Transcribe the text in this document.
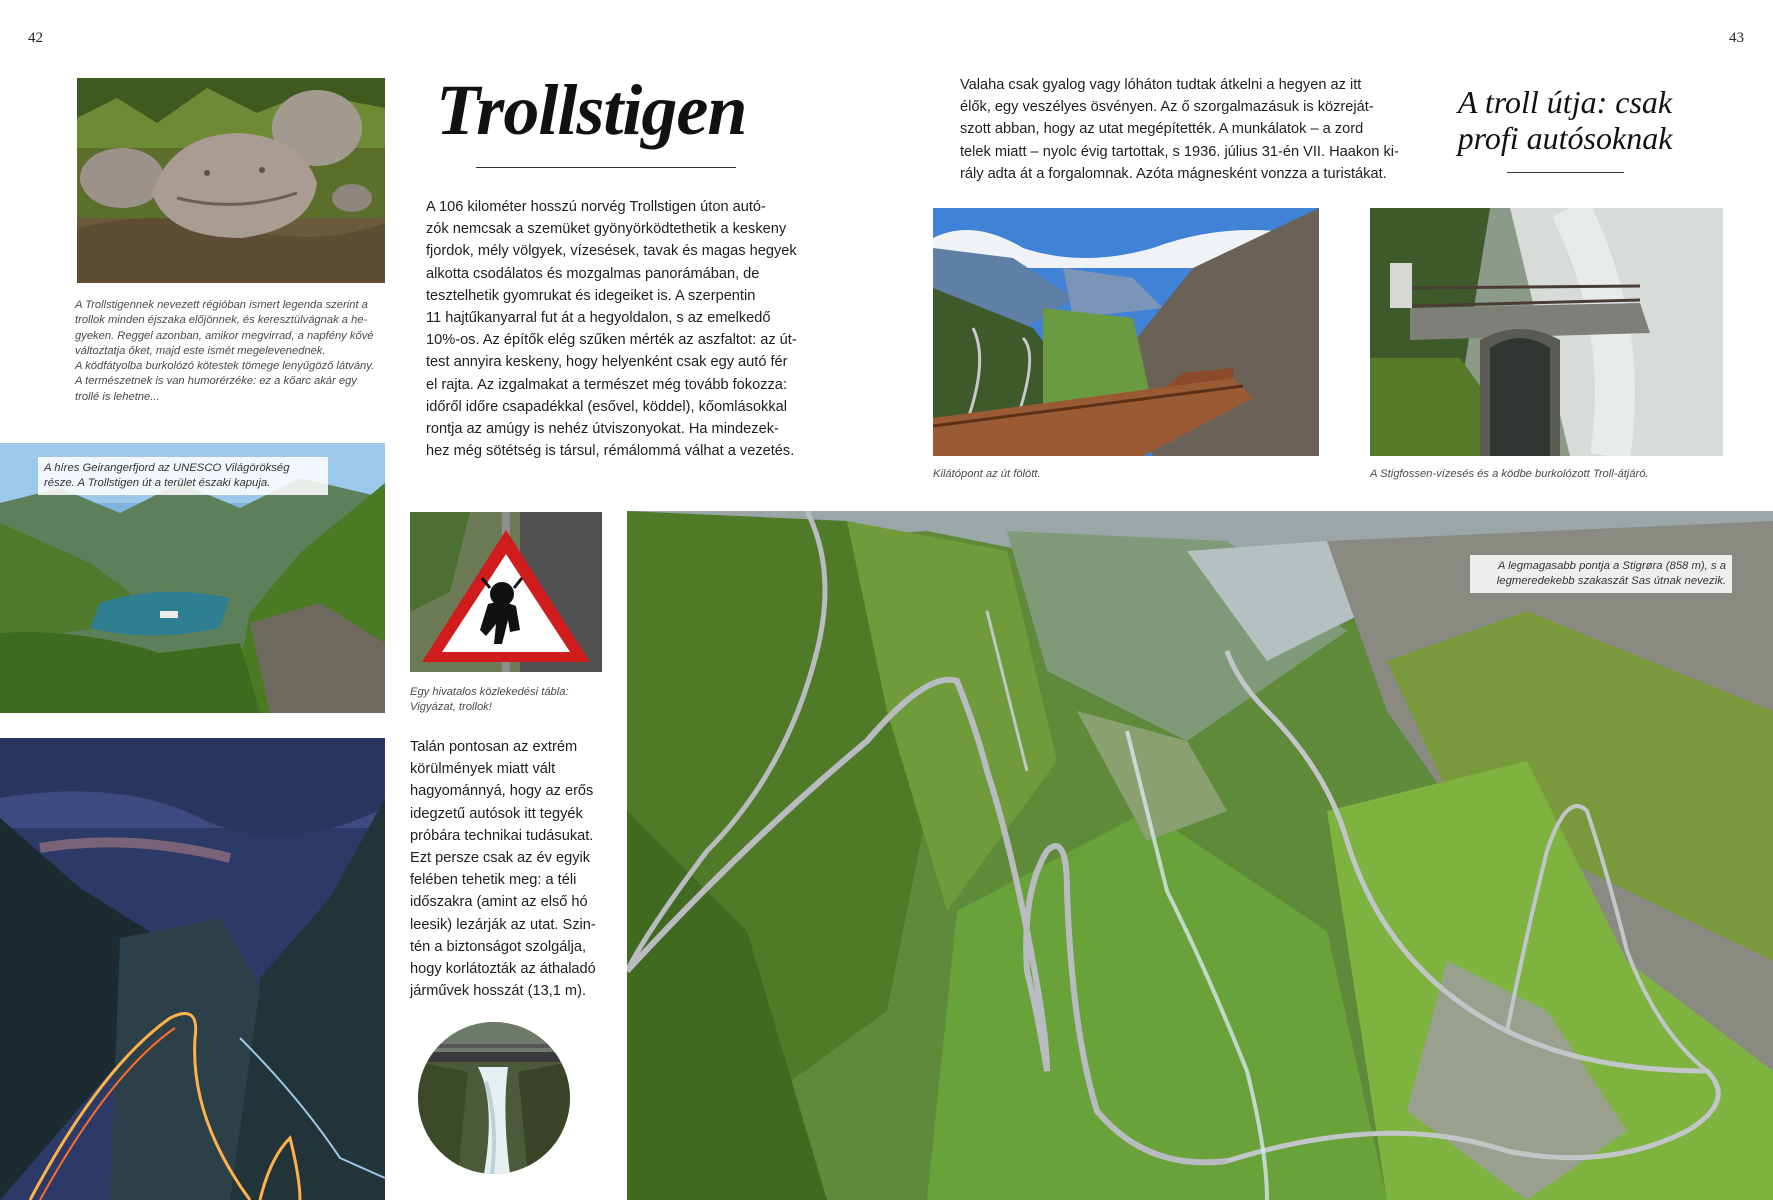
42	43
A Trollstigennek nevezett régióban ismert legenda szerint a
trollok minden éjszaka előjönnek, és keresztülvágnak a he-
gyeken. Reggel azonban, amikor megvirrad, a napfény kővé
változtatja őket, majd este ismét megelevenednek.
A ködfátyolba burkolózó kötestek tömege lenyűgöző látvány.
A természetnek is van humorérzéke: ez a kőarc akár egy
trollé is lehetne...
A híres Geirangerfjord az UNESCO Világörökség
része. A Trollstigen út a terület északi kapuja.
Trollstigen
A 106 kilométer hosszú norvég Trollstigen úton autó-
zók nemcsak a szemüket gyönyörködtethetik a keskeny
fjordok, mély völgyek, vízesések, tavak és magas hegyek
alkotta csodálatos és mozgalmas panorámában, de
tesztelhetik gyomrukat és idegeiket is. A szerpentin
11 hajtűkanyarral fut át a hegyoldalon, s az emelkedő
10%-os. Az építők elég szűken mérték az aszfaltot: az út-
test annyira keskeny, hogy helyenként csak egy autó fér
el rajta. Az izgalmakat a természet még tovább fokozza:
időről időre csapadékkal (esővel, köddel), kőomlásokkal
rontja az amúgy is nehéz útviszonyokat. Ha mindezek-
hez még sötétség is társul, rémálommá válhat a vezetés.
Egy hivatalos közlekedési tábla:
Vigyázat, trollok!
Talán pontosan az extrém
körülmények miatt vált
hagyománnyá, hogy az erős
idegzetű autósok itt tegyék
próbára technikai tudásukat.
Ezt persze csak az év egyik
felében tehetik meg: a téli
időszakra (amint az első hó
leesik) lezárják az utat. Szin-
tén a biztonságot szolgálja,
hogy korlátozták az áthaladó
járművek hosszát (13,1 m).
A legmagasabb pontja a Stigrøra (858 m), s a
legmeredekebb szakaszát Sas útnak nevezik.
Valaha csak gyalog vagy lóháton tudtak átkelni a hegyen az itt
élők, egy veszélyes ösvényen. Az ő szorgalmazásuk is közreját-
szott abban, hogy az utat megépítették. A munkálatok – a zord
telek miatt – nyolc évig tartottak, s 1936. július 31-én VII. Haakon ki-
rály adta át a forgalomnak. Azóta mágnesként vonzza a turistákat.
A troll útja: csak
profi autósoknak
Kilátópont az út fölött.	A Stigfossen-vízesés és a ködbe burkolózott Troll-átjáró.
